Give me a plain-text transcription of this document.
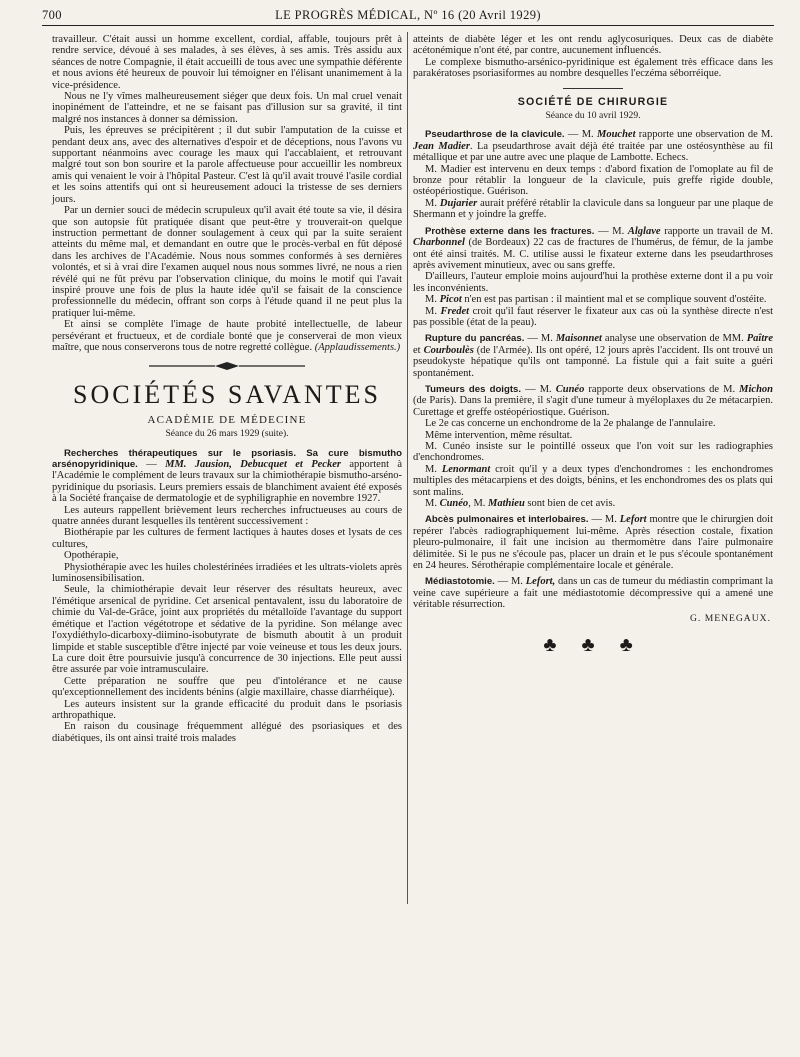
700	LE PROGRÈS MÉDICAL, Nº 16 (20 Avril 1929)

travailleur. C'était aussi un homme excellent, cordial, affable, toujours prêt à rendre service, dévoué à ses malades, à ses élèves, à ses amis. Très assidu aux séances de notre Compagnie, il était accueilli de tous avec une sympathie déférente et nous avions été heureux de pouvoir lui témoigner en l'élisant unanimement à la vice-présidence.

Nous ne l'y vîmes malheureusement siéger que deux fois. Un mal cruel venait inopinément de l'atteindre, et ne se faisant pas d'illusion sur sa gravité, il tint malgré nos instances à donner sa démission.

Puis, les épreuves se précipitèrent ; il dut subir l'amputation de la cuisse et pendant deux ans, avec des alternatives d'espoir et de déceptions, nous l'avons vu supportant néanmoins avec courage les maux qui l'accablaient, et retrouvant malgré tout son bon sourire et la parole affectueuse pour accueillir les nombreux amis qui venaient le voir à l'hôpital Pasteur. C'est là qu'il avait trouvé l'asile cordial et les soins attentifs qui ont si heureusement adouci la tristesse de ses derniers jours.

Par un dernier souci de médecin scrupuleux qu'il avait été toute sa vie, il désira que son autopsie fût pratiquée disant que peut-être y trouverait-on quelque instruction permettant de donner soulagement à ceux qui par la suite seraient atteints du même mal, et demandant en outre que le procès-verbal en fût déposé dans les archives de l'Académie. Nous nous sommes conformés à ses dernières volontés, et si à vrai dire l'examen auquel nous nous sommes livré, ne nous a rien révélé qui ne fût prévu par l'observation clinique, du moins le motif qui l'avait inspiré prouve une fois de plus la haute idée qu'il se faisait de la conscience professionnelle du médecin, offrant son corps à l'étude quand il ne peut plus la pratiquer lui-même.

Et ainsi se complète l'image de haute probité intellectuelle, de labeur persévérant et fructueux, et de cordiale bonté que je conserverai de mon vieux maître, que nous conserverons tous de notre regretté collègue. (Applaudissements.)

SOCIÉTÉS SAVANTES
ACADÉMIE DE MÉDECINE
Séance du 26 mars 1929 (suite).

Recherches thérapeutiques sur le psoriasis. Sa cure bismutho arsénopyridinique. — MM. Jausion, Debucquet et Pecker apportent à l'Académie le complément de leurs travaux sur la chimiothérapie bismutho-arséno-pyridinique du psoriasis. Leurs premiers essais de blanchiment avaient été exposés à la Société française de dermatologie et de syphiligraphie en novembre 1927.

Les auteurs rappellent brièvement leurs recherches infructueuses au cours de quatre années durant lesquelles ils tentèrent successivement :

Biothérapie par les cultures de ferment lactiques à hautes doses et lysats de ces cultures,

Opothérapie,

Physiothérapie avec les huiles cholestérinées irradiées et les ultrats-violets après luminosensibilisation.

Seule, la chimiothérapie devait leur réserver des résultats heureux, avec l'émétique arsenical de pyridine. Cet arsenical pentavalent, issu du laboratoire de chimie du Val-de-Grâce, joint aux propriétés du métalloïde l'avantage du support émétique et l'action végétotrope et sédative de la pyridine. Son mélange avec l'oxydiéthylo-dicarboxy-diimino-isobutyrate de bismuth aboutit à un produit limpide et stable susceptible d'être injecté par voie veineuse et tous les deux jours. La cure doit être poursuivie jusqu'à concurrence de 30 injections. Elle peut aussi être assurée par voie intramusculaire.

Cette préparation ne souffre que peu d'intolérance et ne cause qu'exceptionnellement des incidents bénins (algie maxillaire, chasse diarrhéique).

Les auteurs insistent sur la grande efficacité du produit dans le psoriasis arthropathique.

En raison du cousinage fréquemment allégué des psoriasiques et des diabétiques, ils ont ainsi traité trois malades

atteints de diabète léger et les ont rendu aglycosuriques. Deux cas de diabète acétonémique n'ont été, par contre, aucunement influencés.

Le complexe bismutho-arsénico-pyridinique est également très efficace dans les parakératoses psoriasiformes au nombre desquelles l'eczéma séborréique.

SOCIÉTÉ DE CHIRURGIE
Séance du 10 avril 1929.

Pseudarthrose de la clavicule. — M. Mouchet rapporte une observation de M. Jean Madier. La pseudarthrose avait déjà été traitée par une ostéosynthèse au fil métallique et par une autre avec une plaque de Lambotte. Echecs.

M. Madier est intervenu en deux temps : d'abord fixation de l'omoplate au fil de bronze pour rétablir la longueur de la clavicule, puis greffe rigide double, ostéopériostique. Guérison.

M. Dujarier aurait préféré rétablir la clavicule dans sa longueur par une plaque de Shermann et y joindre la greffe.

Prothèse externe dans les fractures. — M. Alglave rapporte un travail de M. Charbonnel (de Bordeaux) 22 cas de fractures de l'humérus, de fémur, de la jambe ont été ainsi traités. M. C. utilise aussi le fixateur externe dans les pseudarthroses après avivement minutieux, avec ou sans greffe.

D'ailleurs, l'auteur emploie moins aujourd'hui la prothèse externe dont il a pu voir les inconvénients.

M. Picot n'en est pas partisan : il maintient mal et se complique souvent d'ostéite.

M. Fredet croit qu'il faut réserver le fixateur aux cas où la synthèse directe n'est pas possible (état de la peau).

Rupture du pancréas. — M. Maisonnet analyse une observation de MM. Paître et Courboulès (de l'Armée). Ils ont opéré, 12 jours après l'accident. Ils ont trouvé un pseudokyste hépatique qu'ils ont tamponné. La fistule qui a fait suite a guéri spontanément.

Tumeurs des doigts. — M. Cunéo rapporte deux observations de M. Michon (de Paris). Dans la première, il s'agit d'une tumeur à myéloplaxes du 2e métacarpien. Curettage et greffe ostéopériostique. Guérison.

Le 2e cas concerne un enchondrome de la 2e phalange de l'annulaire.

Même intervention, même résultat.

M. Cunéo insiste sur le pointillé osseux que l'on voit sur les radiographies d'enchondromes.

M. Lenormant croit qu'il y a deux types d'enchondromes : les enchondromes multiples des métacarpiens et des doigts, bénins, et les enchondromes des os plats qui sont malins.

M. Cunéo, M. Mathieu sont bien de cet avis.

Abcès pulmonaires et interlobaires. — M. Lefort montre que le chirurgien doit repérer l'abcès radiographiquement lui-même. Après résection costale, fixation pleuro-pulmonaire, il fait une incision au thermomètre dans l'aire pulmonaire délimitée. Si le pus ne s'écoule pas, placer un drain et le pus s'écoule spontanément en 24 heures. Sérothérapie complémentaire locale et générale.

Médiastotomie. — M. Lefort, dans un cas de tumeur du médiastin comprimant la veine cave supérieure a fait une médiastotomie décompressive qui a amené une véritable résurrection.

G. MENEGAUX.
♣ ♣ ♣
